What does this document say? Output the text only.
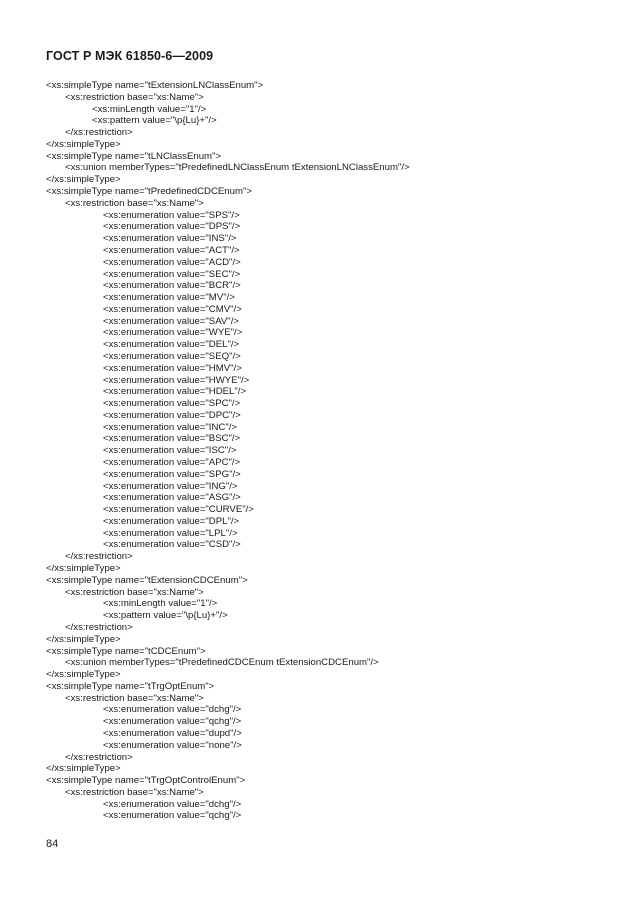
ГОСТ Р МЭК 61850-6—2009
<xs:simpleType name="tExtensionLNClassEnum">
<xs:restriction base="xs:Name">
<xs:minLength value="1"/>
<xs:pattern value="\p{Lu}+"/>
</xs:restriction>
</xs:simpleType>
<xs:simpleType name="tLNClassEnum">
<xs:union memberTypes="tPredefinedLNClassEnum tExtensionLNClassEnum"/>
</xs:simpleType>
<xs:simpleType name="tPredefinedCDCEnum">
<xs:restriction base="xs:Name">
<xs:enumeration value="SPS"/>
<xs:enumeration value="DPS"/>
<xs:enumeration value="INS"/>
<xs:enumeration value="ACT"/>
<xs:enumeration value="ACD"/>
<xs:enumeration value="SEC"/>
<xs:enumeration value="BCR"/>
<xs:enumeration value="MV"/>
<xs:enumeration value="CMV"/>
<xs:enumeration value="SAV"/>
<xs:enumeration value="WYE"/>
<xs:enumeration value="DEL"/>
<xs:enumeration value="SEQ"/>
<xs:enumeration value="HMV"/>
<xs:enumeration value="HWYE"/>
<xs:enumeration value="HDEL"/>
<xs:enumeration value="SPC"/>
<xs:enumeration value="DPC"/>
<xs:enumeration value="INC"/>
<xs:enumeration value="BSC"/>
<xs:enumeration value="ISC"/>
<xs:enumeration value="APC"/>
<xs:enumeration value="SPG"/>
<xs:enumeration value="ING"/>
<xs:enumeration value="ASG"/>
<xs:enumeration value="CURVE"/>
<xs:enumeration value="DPL"/>
<xs:enumeration value="LPL"/>
<xs:enumeration value="CSD"/>
</xs:restriction>
</xs:simpleType>
<xs:simpleType name="tExtensionCDCEnum">
<xs:restriction base="xs:Name">
<xs:minLength value="1"/>
<xs:pattern value="\p{Lu}+"/>
</xs:restriction>
</xs:simpleType>
<xs:simpleType name="tCDCEnum">
<xs:union memberTypes="tPredefinedCDCEnum tExtensionCDCEnum"/>
</xs:simpleType>
<xs:simpleType name="tTrgOptEnum">
<xs:restriction base="xs:Name">
<xs:enumeration value="dchg"/>
<xs:enumeration value="qchg"/>
<xs:enumeration value="dupd"/>
<xs:enumeration value="none"/>
</xs:restriction>
</xs:simpleType>
<xs:simpleType name="tTrgOptControlEnum">
<xs:restriction base="xs:Name">
<xs:enumeration value="dchg"/>
<xs:enumeration value="qchg"/>
84
